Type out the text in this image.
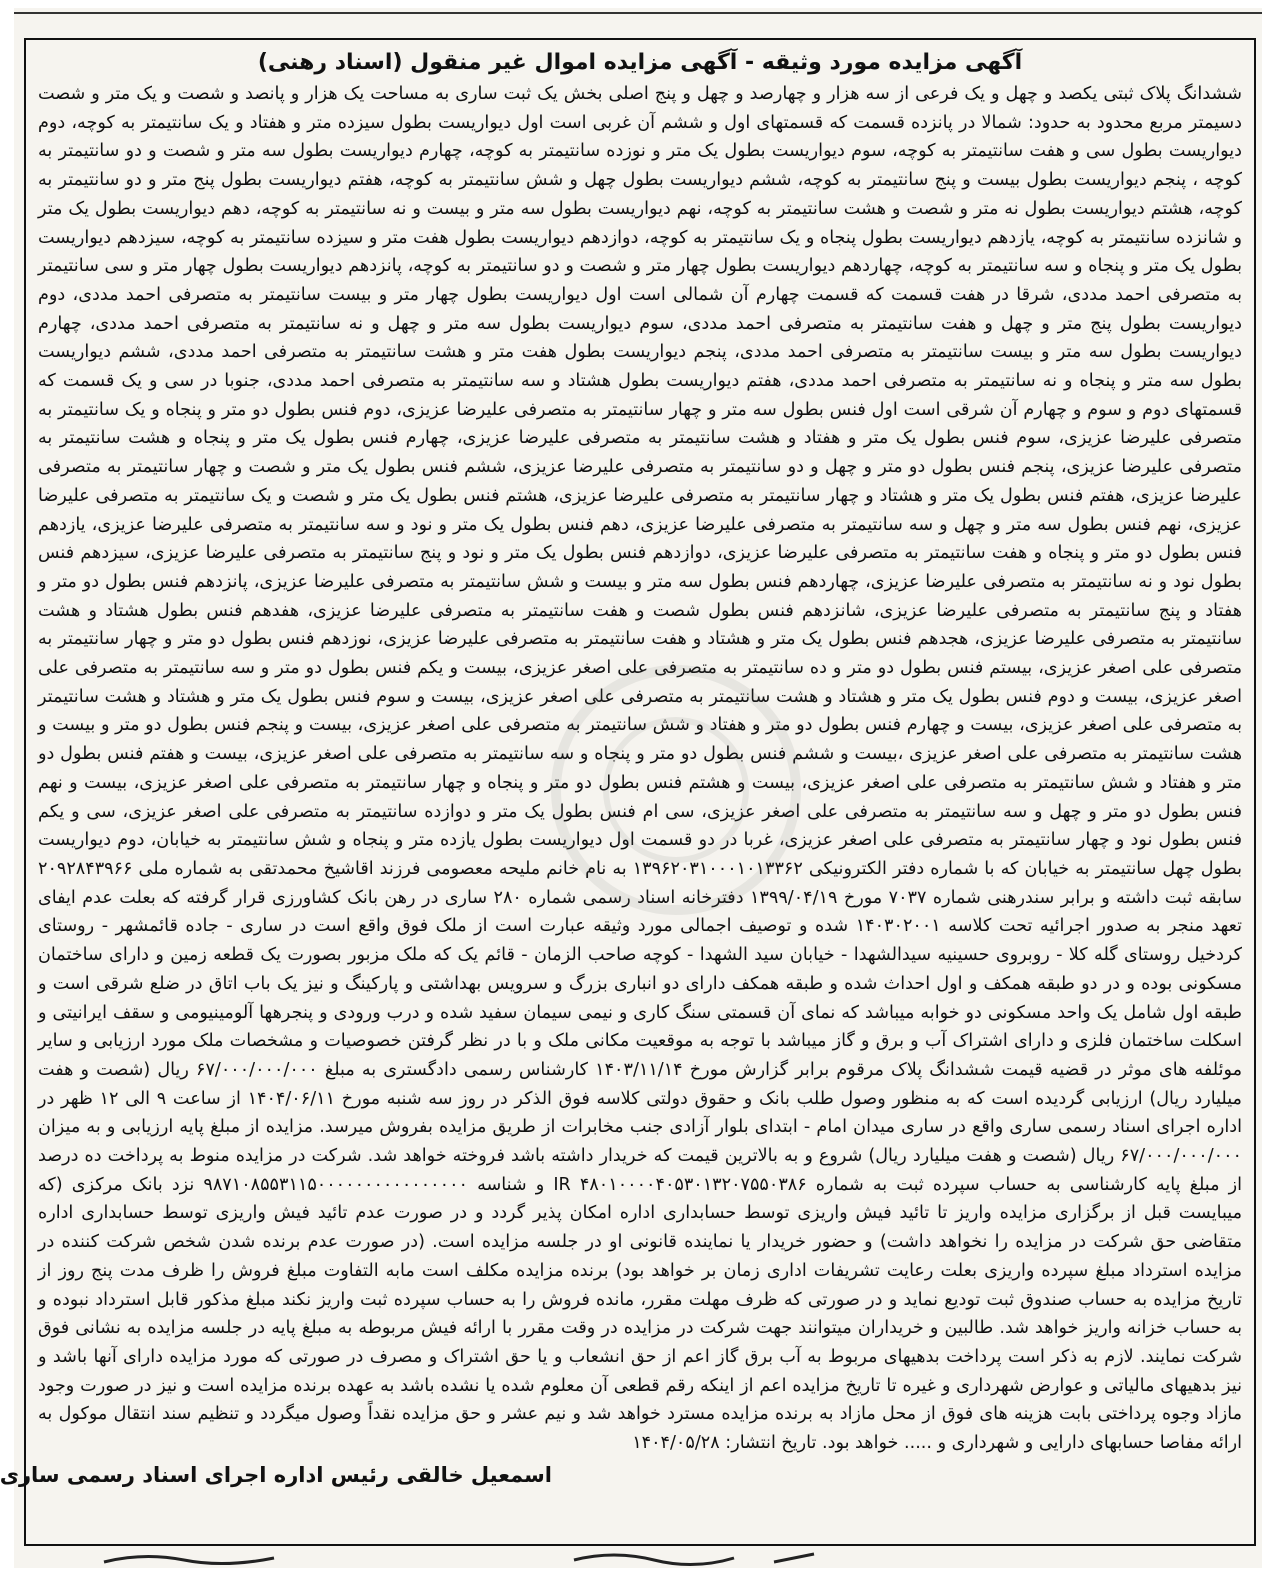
آگهی مزایده مورد وثیقه - آگهی مزایده اموال غیر منقول (اسناد رهنی)

ششدانگ پلاک ثبتی یکصد و چهل و یک فرعی از سه هزار و چهارصد و چهل و پنج اصلی بخش یک ثبت ساری به مساحت یک هزار و پانصد و شصت و یک متر و شصت دسیمتر مربع محدود به حدود: شمالا در پانزده قسمت که قسمتهای اول و ششم آن غربی است اول دیواریست بطول سیزده متر و هفتاد و یک سانتیمتر به کوچه، دوم دیواریست بطول سی و هفت سانتیمتر به کوچه، سوم دیواریست بطول یک متر و نوزده سانتیمتر به کوچه، چهارم دیواریست بطول سه متر و شصت و دو سانتیمتر به کوچه ، پنجم دیواریست بطول بیست و پنج سانتیمتر به کوچه، ششم دیواریست بطول چهل و شش سانتیمتر به کوچه، هفتم دیواریست بطول پنج متر و دو سانتیمتر به کوچه، هشتم دیواریست بطول نه متر و شصت و هشت سانتیمتر به کوچه، نهم دیواریست بطول سه متر و بیست و نه سانتیمتر به کوچه، دهم دیواریست بطول یک متر و شانزده سانتیمتر به کوچه، یازدهم دیواریست بطول پنجاه و یک سانتیمتر به کوچه، دوازدهم دیواریست بطول هفت متر و سیزده سانتیمتر به کوچه، سیزدهم دیواریست بطول یک متر و پنجاه و سه سانتیمتر به کوچه، چهاردهم دیواریست بطول چهار متر و شصت و دو سانتیمتر به کوچه، پانزدهم دیواریست بطول چهار متر و سی سانتیمتر به متصرفی احمد مددی، شرقا در هفت قسمت که قسمت چهارم آن شمالی است اول دیواریست بطول چهار متر و بیست سانتیمتر به متصرفی احمد مددی، دوم دیواریست بطول پنج متر و چهل و هفت سانتیمتر به متصرفی احمد مددی، سوم دیواریست بطول سه متر و چهل و نه سانتیمتر به متصرفی احمد مددی، چهارم دیواریست بطول سه متر و بیست سانتیمتر به متصرفی احمد مددی، پنجم دیواریست بطول هفت متر و هشت سانتیمتر به متصرفی احمد مددی، ششم دیواریست بطول سه متر و پنجاه و نه سانتیمتر به متصرفی احمد مددی، هفتم دیواریست بطول هشتاد و سه سانتیمتر به متصرفی احمد مددی، جنوبا در سی و یک قسمت که قسمتهای دوم و سوم و چهارم آن شرقی است اول فنس بطول سه متر و چهار سانتیمتر به متصرفی علیرضا عزیزی، دوم فنس بطول دو متر و پنجاه و یک سانتیمتر به متصرفی علیرضا عزیزی، سوم فنس بطول یک متر و هفتاد و هشت سانتیمتر به متصرفی علیرضا عزیزی، چهارم فنس بطول یک متر و پنجاه و هشت سانتیمتر به متصرفی علیرضا عزیزی، پنجم فنس بطول دو متر و چهل و دو سانتیمتر به متصرفی علیرضا عزیزی، ششم فنس بطول یک متر و شصت و چهار سانتیمتر به متصرفی علیرضا عزیزی، هفتم فنس بطول یک متر و هشتاد و چهار سانتیمتر به متصرفی علیرضا عزیزی، هشتم فنس بطول یک متر و شصت و یک سانتیمتر به متصرفی علیرضا عزیزی، نهم فنس بطول سه متر و چهل و سه سانتیمتر به متصرفی علیرضا عزیزی، دهم فنس بطول یک متر و نود و سه سانتیمتر به متصرفی علیرضا عزیزی، یازدهم فنس بطول دو متر و پنجاه و هفت سانتیمتر به متصرفی علیرضا عزیزی، دوازدهم فنس بطول یک متر و نود و پنج سانتیمتر به متصرفی علیرضا عزیزی، سیزدهم فنس بطول نود و نه سانتیمتر به متصرفی علیرضا عزیزی، چهاردهم فنس بطول سه متر و بیست و شش سانتیمتر به متصرفی علیرضا عزیزی، پانزدهم فنس بطول دو متر و هفتاد و پنج سانتیمتر به متصرفی علیرضا عزیزی، شانزدهم فنس بطول شصت و هفت سانتیمتر به متصرفی علیرضا عزیزی، هفدهم فنس بطول هشتاد و هشت سانتیمتر به متصرفی علیرضا عزیزی، هجدهم فنس بطول یک متر و هشتاد و هفت سانتیمتر به متصرفی علیرضا عزیزی، نوزدهم فنس بطول دو متر و چهار سانتیمتر به متصرفی علی اصغر عزیزی، بیستم فنس بطول دو متر و ده سانتیمتر به متصرفی علی اصغر عزیزی، بیست و یکم فنس بطول دو متر و سه سانتیمتر به متصرفی علی اصغر عزیزی، بیست و دوم فنس بطول یک متر و هشتاد و هشت سانتیمتر به متصرفی علی اصغر عزیزی، بیست و سوم فنس بطول یک متر و هشتاد و هشت سانتیمتر به متصرفی علی اصغر عزیزی، بیست و چهارم فنس بطول دو متر و هفتاد و شش سانتیمتر به متصرفی علی اصغر عزیزی، بیست و پنجم فنس بطول دو متر و بیست و هشت سانتیمتر به متصرفی علی اصغر عزیزی ،بیست و ششم فنس بطول دو متر و پنجاه و سه سانتیمتر به متصرفی علی اصغر عزیزی، بیست و هفتم فنس بطول دو متر و هفتاد و شش سانتیمتر به متصرفی علی اصغر عزیزی، بیست و هشتم فنس بطول دو متر و پنجاه و چهار سانتیمتر به متصرفی علی اصغر عزیزی، بیست و نهم فنس بطول دو متر و چهل و سه سانتیمتر به متصرفی علی اصغر عزیزی، سی ام فنس بطول یک متر و دوازده سانتیمتر به متصرفی علی اصغر عزیزی، سی و یکم فنس بطول نود و چهار سانتیمتر به متصرفی علی اصغر عزیزی، غربا در دو قسمت اول دیواریست بطول یازده متر و پنجاه و شش سانتیمتر به خیابان، دوم دیواریست بطول چهل سانتیمتر به خیابان که با شماره دفتر الکترونیکی ۱۳۹۶۲۰۳۱۰۰۰۱۰۱۳۳۶۲ به نام خانم ملیحه معصومی فرزند اقاشیخ محمدتقی به شماره ملی ۲۰۹۲۸۴۳۹۶۶ سابقه ثبت داشته و برابر سندرهنی شماره ۷۰۳۷ مورخ ۱۳۹۹/۰۴/۱۹ دفترخانه اسناد رسمی شماره ۲۸۰ ساری در رهن بانک کشاورزی قرار گرفته که بعلت عدم ایفای تعهد منجر به صدور اجرائیه تحت کلاسه ۱۴۰۳۰۲۰۰۱ شده و توصیف اجمالی مورد وثیقه عبارت است از ملک فوق واقع است در ساری - جاده قائمشهر - روستای کردخیل روستای گله کلا - روبروی حسینیه سیدالشهدا - خیابان سید الشهدا - کوچه صاحب الزمان - قائم یک که ملک مزبور بصورت یک قطعه زمین و دارای ساختمان مسکونی بوده و در دو طبقه همکف و اول احداث شده و طبقه همکف دارای دو انباری بزرگ و سرویس بهداشتی و پارکینگ و نیز یک باب اتاق در ضلع شرقی است و طبقه اول شامل یک واحد مسکونی دو خوابه میباشد که نمای آن قسمتی سنگ کاری و نیمی سیمان سفید شده و درب ورودی و پنجرهها آلومینیومی و سقف ایرانیتی و اسکلت ساختمان فلزی و دارای اشتراک آب و برق و گاز میباشد با توجه به موقعیت مکانی ملک و با در نظر گرفتن خصوصیات و مشخصات ملک مورد ارزیابی و سایر موئلفه های موثر در قضیه قیمت ششدانگ پلاک مرقوم برابر گزارش مورخ ۱۴۰۳/۱۱/۱۴ کارشناس رسمی دادگستری به مبلغ ۶۷/۰۰۰/۰۰۰/۰۰۰ ریال (شصت و هفت میلیارد ریال) ارزیابی گردیده است که به منظور وصول طلب بانک و حقوق دولتی کلاسه فوق الذکر در روز سه شنبه مورخ ۱۴۰۴/۰۶/۱۱ از ساعت ۹ الی ۱۲ ظهر در اداره اجرای اسناد رسمی ساری واقع در ساری میدان امام - ابتدای بلوار آزادی جنب مخابرات از طریق مزایده بفروش میرسد. مزایده از مبلغ پایه ارزیابی و به میزان ۶۷/۰۰۰/۰۰۰/۰۰۰ ریال (شصت و هفت میلیارد ریال) شروع و به بالاترین قیمت که خریدار داشته باشد فروخته خواهد شد. شرکت در مزایده منوط به پرداخت ده درصد از مبلغ پایه کارشناسی به حساب سپرده ثبت به شماره ۴۸۰۱۰۰۰۰۴۰۵۳۰۱۳۲۰۷۵۵۰۳۸۶ IR و شناسه ۹۸۷۱۰۸۵۵۳۱۱۵۰۰۰۰۰۰۰۰۰۰۰۰۰۰۰۰ نزد بانک مرکزی (که میبایست قبل از برگزاری مزایده واریز تا تائید فیش واریزی توسط حسابداری اداره امکان پذیر گردد و در صورت عدم تائید فیش واریزی توسط حسابداری اداره متقاضی حق شرکت در مزایده را نخواهد داشت) و حضور خریدار یا نماینده قانونی او در جلسه مزایده است. (در صورت عدم برنده شدن شخص شرکت کننده در مزایده استرداد مبلغ سپرده واریزی بعلت رعایت تشریفات اداری زمان بر خواهد بود) برنده مزایده مکلف است مابه التفاوت مبلغ فروش را ظرف مدت پنج روز از تاریخ مزایده به حساب صندوق ثبت تودیع نماید و در صورتی که ظرف مهلت مقرر، مانده فروش را به حساب سپرده ثبت واریز نکند مبلغ مذکور قابل استرداد نبوده و به حساب خزانه واریز خواهد شد. طالبین و خریداران میتوانند جهت شرکت در مزایده در وقت مقرر با ارائه فیش مربوطه به مبلغ پایه در جلسه مزایده به نشانی فوق شرکت نمایند. لازم به ذکر است پرداخت بدهیهای مربوط به آب برق گاز اعم از حق انشعاب و یا حق اشتراک و مصرف در صورتی که مورد مزایده دارای آنها باشد و نیز بدهیهای مالیاتی و عوارض شهرداری و غیره تا تاریخ مزایده اعم از اینکه رقم قطعی آن معلوم شده یا نشده باشد به عهده برنده مزایده است و نیز در صورت وجود مازاد وجوه پرداختی بابت هزینه های فوق از محل مازاد به برنده مزایده مسترد خواهد شد و نیم عشر و حق مزایده نقداً وصول میگردد و تنظیم سند انتقال موکول به ارائه مفاصا حسابهای دارایی و شهرداری و ..... خواهد بود. تاریخ انتشار: ۱۴۰۴/۰۵/۲۸

اسمعیل خالقی رئیس اداره اجرای اسناد رسمی ساری
